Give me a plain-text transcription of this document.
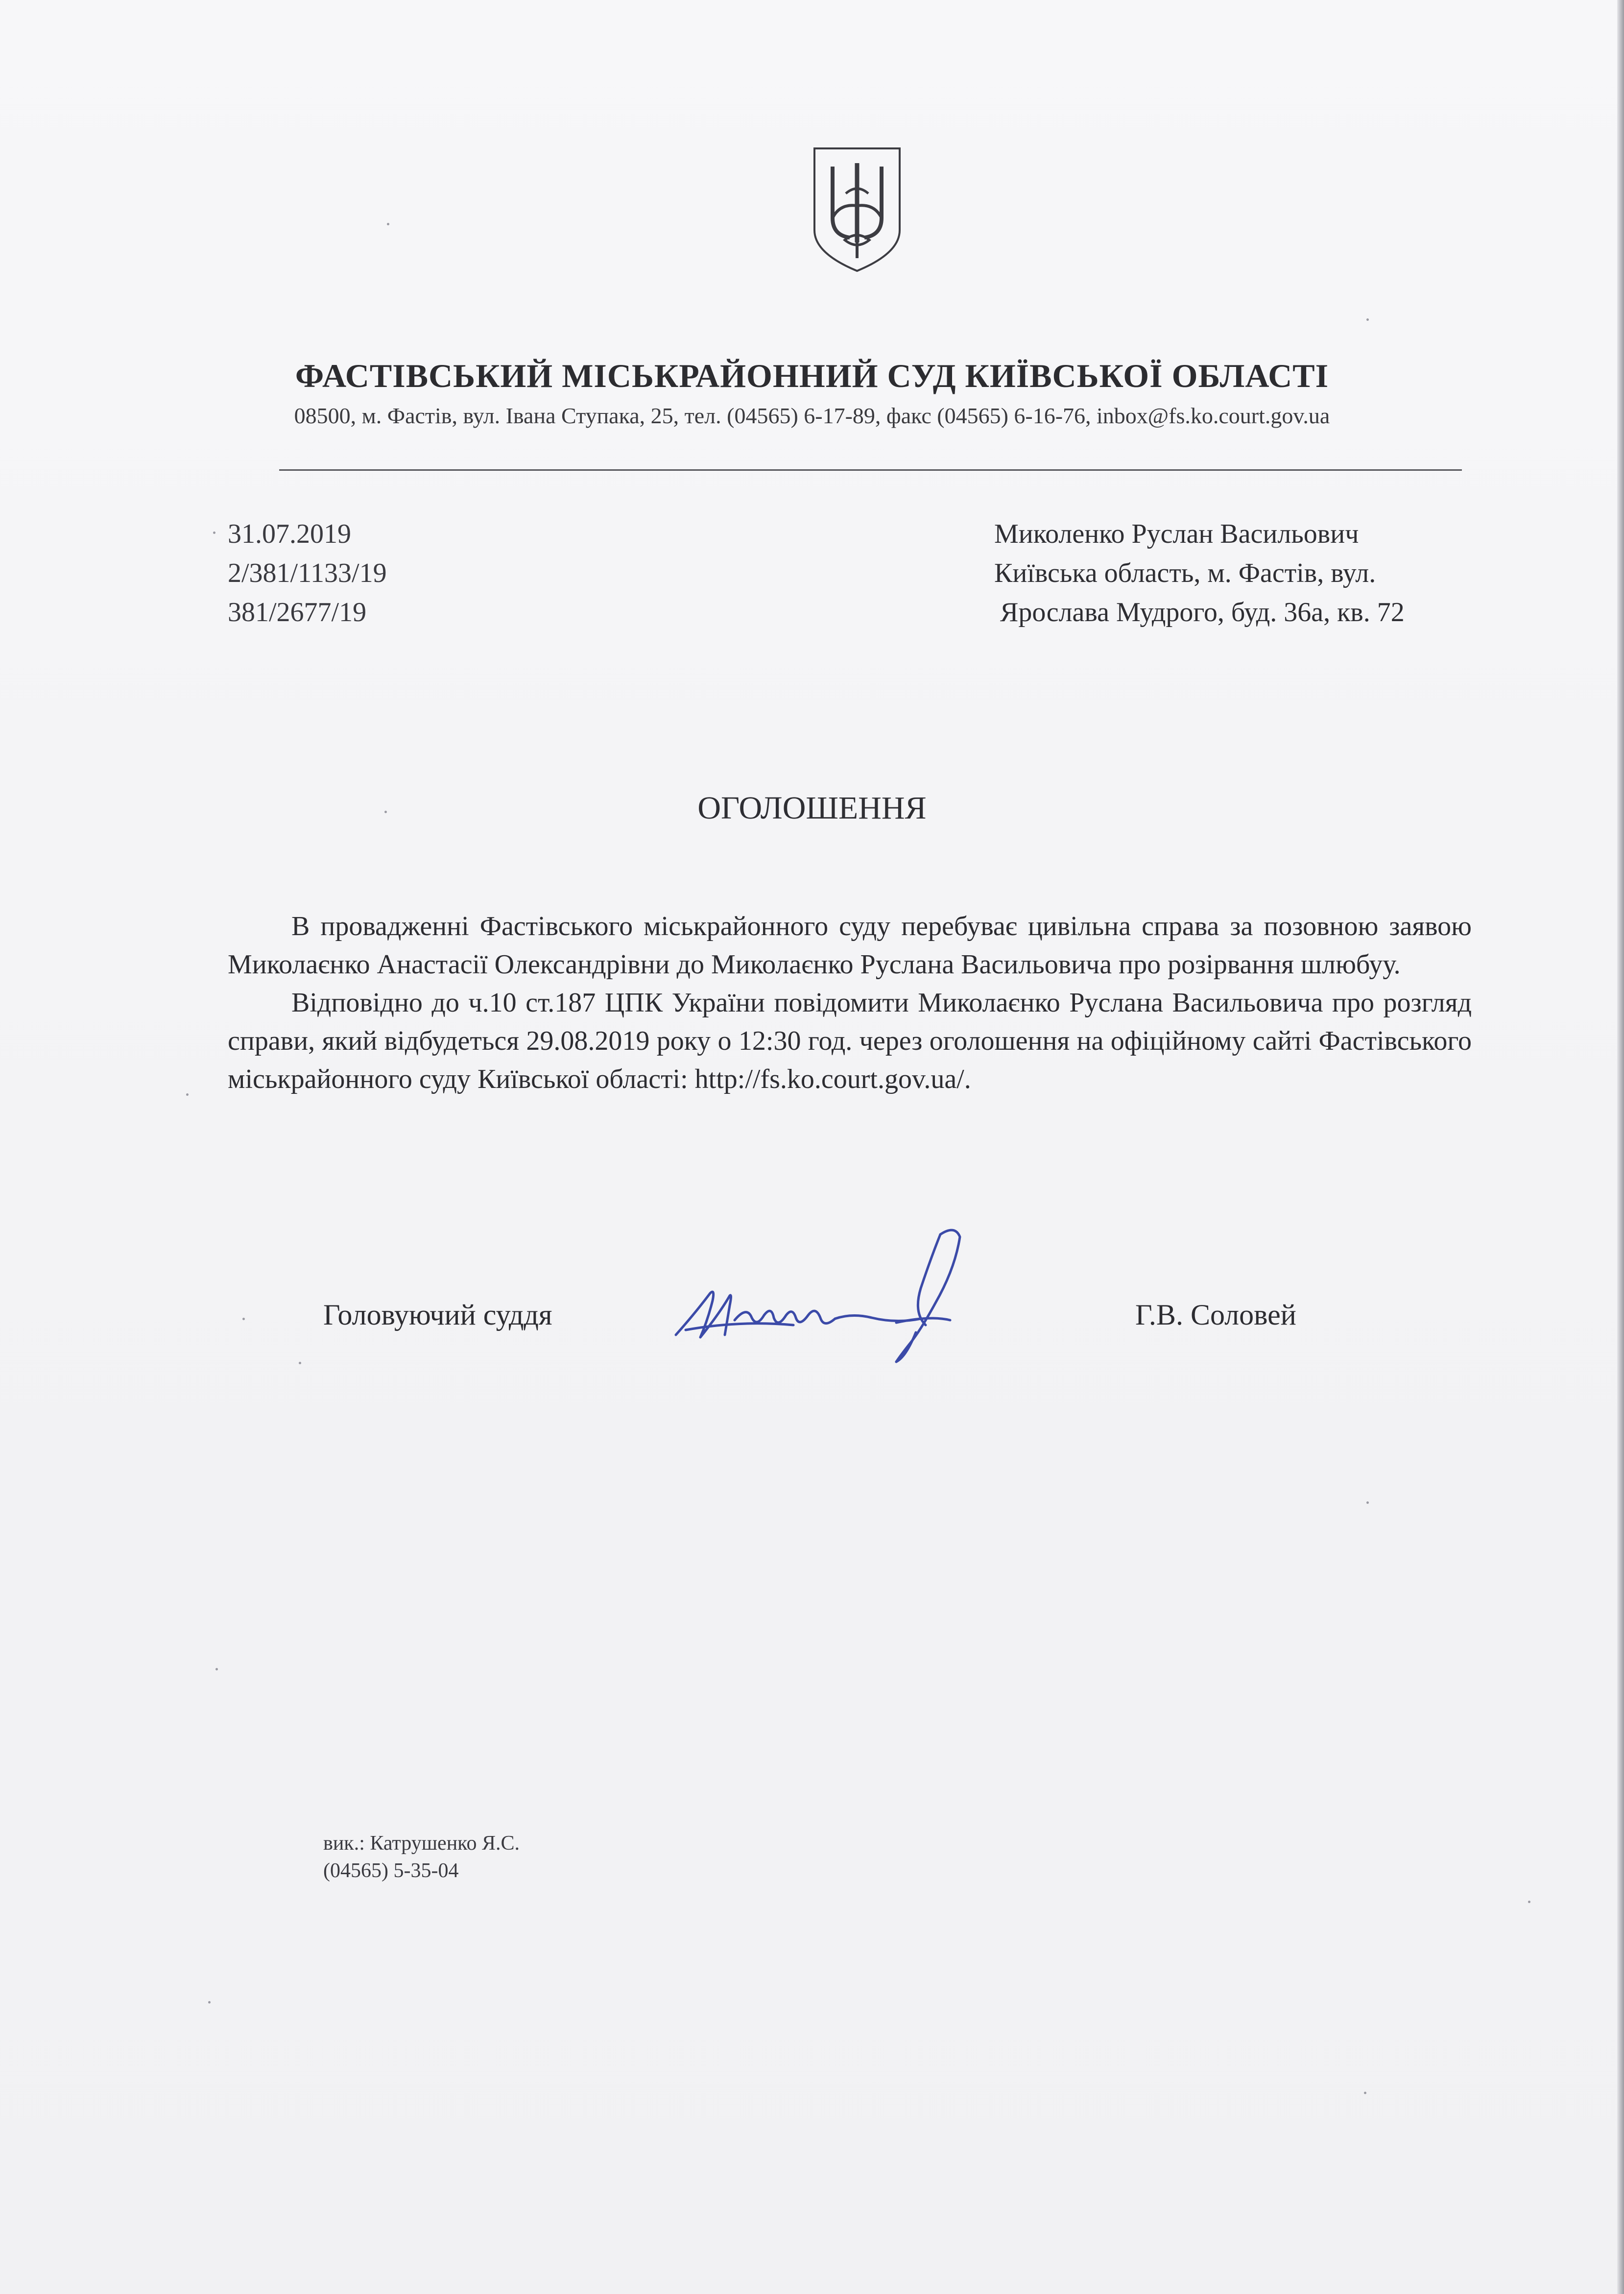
ФАСТІВСЬКИЙ МІСЬКРАЙОННИЙ СУД КИЇВСЬКОЇ ОБЛАСТІ
08500, м. Фастів, вул. Івана Ступака, 25, тел. (04565) 6-17-89, факс (04565) 6-16-76, inbox@fs.ko.court.gov.ua
31.07.2019
2/381/1133/19
381/2677/19
Миколенко Руслан Васильович
Київська область, м. Фастів, вул.
Ярослава Мудрого, буд. 36а, кв. 72
ОГОЛОШЕННЯ

В провадженні Фастівського міськрайонного суду перебуває цивільна справа за позовною заявою Миколаєнко Анастасії Олександрівни до Миколаєнко Руслана Васильовича про розірвання шлюбуу.

Відповідно до ч.10 ст.187 ЦПК України повідомити Миколаєнко Руслана Васильовича про розгляд справи, який відбудеться 29.08.2019 року о 12:30 год. через оголошення на офіційному сайті Фастівського міськрайонного суду Київської області: http://fs.ko.court.gov.ua/.

Головуючий суддя	Г.В. Соловей
вик.: Катрушенко Я.С.
(04565) 5-35-04
